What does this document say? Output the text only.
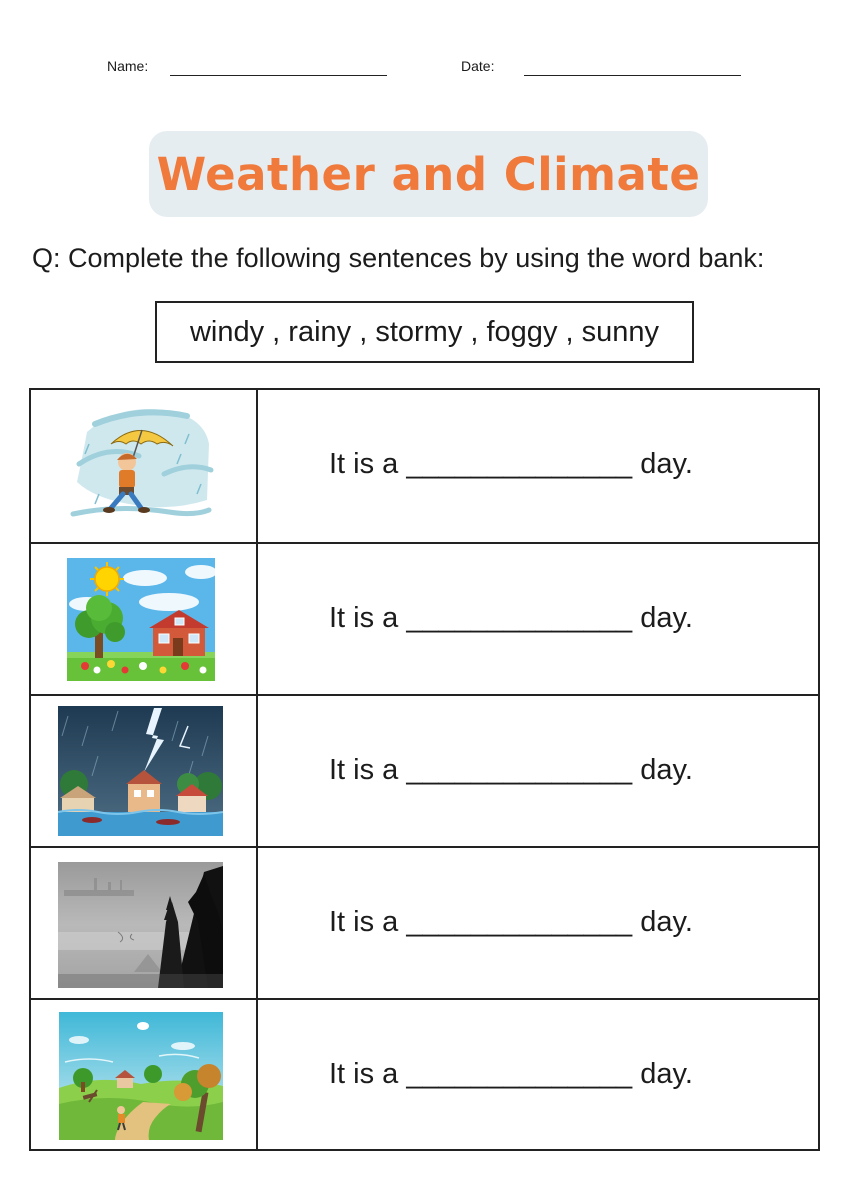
Name:	Date:
Weather and Climate
Q: Complete the following sentences by using the word bank:
windy , rainy , stormy , foggy , sunny
It is a ______________ day.
It is a ______________ day.
It is a ______________ day.
It is a ______________ day.
It is a ______________ day.
